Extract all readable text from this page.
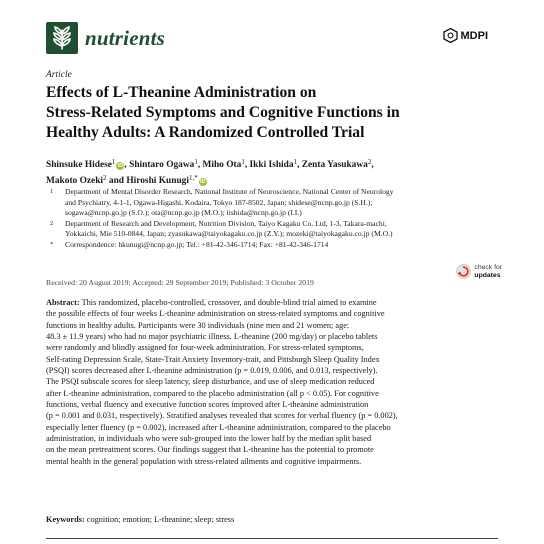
nutrients	MDPI
Article
Effects of L-Theanine Administration on
Stress-Related Symptoms and Cognitive Functions in
Healthy Adults: A Randomized Controlled Trial
Shinsuke Hidese$^1$ iD, Shintaro Ogawa$^1$, Miho Ota$^1$, Ikki Ishida$^1$, Zenta Yasukawa$^2$,
Makoto Ozeki$^2$ and Hiroshi Kunugi$^{1,*}$ iD
1 Department of Mental Disorder Research, National Institute of Neuroscience, National Center of Neurology
and Psychiatry, 4-1-1, Ogawa-Higashi, Kodaira, Tokyo 187-8502, Japan; shidese@ncnp.go.jp (S.H.);
sogawa@ncnp.go.jp (S.O.); ota@ncnp.go.jp (M.O.); iishida@ncnp.go.jp (I.I.)
2 Department of Research and Development, Nutrition Division, Taiyo Kagaku Co. Ltd, 1-3, Takara-machi,
Yokkaichi, Mie 510-0844, Japan; zyasukawa@taiyokagaku.co.jp (Z.Y.); mozeki@taiyokagaku.co.jp (M.O.)
* Correspondence: hkunugi@ncnp.go.jp; Tel.: +81-42-346-1714; Fax: +81-42-346-1714
check for
updates
Received: 20 August 2019; Accepted: 29 September 2019; Published: 3 October 2019
Abstract: This randomized, placebo-controlled, crossover, and double-blind trial aimed to examine
the possible effects of four weeks L-theanine administration on stress-related symptoms and cognitive
functions in healthy adults. Participants were 30 individuals (nine men and 21 women; age:
48.3 ± 11.9 years) who had no major psychiatric illness. L-theanine (200 mg/day) or placebo tablets
were randomly and blindly assigned for four-week administration. For stress-related symptoms,
Self-rating Depression Scale, State-Trait Anxiety Inventory-trait, and Pittsburgh Sleep Quality Index
(PSQI) scores decreased after L-theanine administration (p = 0.019, 0.006, and 0.013, respectively).
The PSQI subscale scores for sleep latency, sleep disturbance, and use of sleep medication reduced
after L-theanine administration, compared to the placebo administration (all p < 0.05). For cognitive
functions, verbal fluency and executive function scores improved after L-theanine administration
(p = 0.001 and 0.031, respectively). Stratified analyses revealed that scores for verbal fluency (p = 0.002),
especially letter fluency (p = 0.002), increased after L-theanine administration, compared to the placebo
administration, in individuals who were sub-grouped into the lower half by the median split based
on the mean pretreatment scores. Our findings suggest that L-theanine has the potential to promote
mental health in the general population with stress-related ailments and cognitive impairments.
Keywords: cognition; emotion; L-theanine; sleep; stress
